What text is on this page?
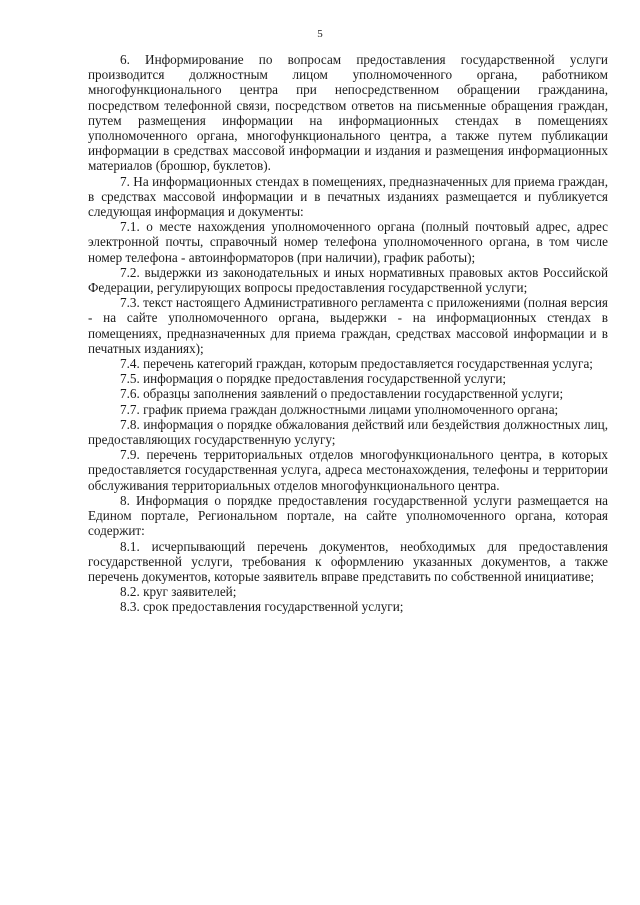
5

6. Информирование по вопросам предоставления государственной услуги производится должностным лицом уполномоченного органа, работником многофункционального центра при непосредственном обращении гражданина, посредством телефонной связи, посредством ответов на письменные обращения граждан, путем размещения информации на информационных стендах в помещениях уполномоченного органа, многофункционального центра, а также путем публикации информации в средствах массовой информации и издания и размещения информационных материалов (брошюр, буклетов).

7. На информационных стендах в помещениях, предназначенных для приема граждан, в средствах массовой информации и в печатных изданиях размещается и публикуется следующая информация и документы:

7.1. о месте нахождения уполномоченного органа (полный почтовый адрес, адрес электронной почты, справочный номер телефона уполномоченного органа, в том числе номер телефона - автоинформаторов (при наличии), график работы);

7.2. выдержки из законодательных и иных нормативных правовых актов Российской Федерации, регулирующих вопросы предоставления государственной услуги;

7.3. текст настоящего Административного регламента с приложениями (полная версия - на сайте уполномоченного органа, выдержки - на информационных стендах в помещениях, предназначенных для приема граждан, средствах массовой информации и в печатных изданиях);

7.4. перечень категорий граждан, которым предоставляется государственная услуга;

7.5. информация о порядке предоставления государственной услуги;

7.6. образцы заполнения заявлений о предоставлении государственной услуги;

7.7. график приема граждан должностными лицами уполномоченного органа;

7.8. информация о порядке обжалования действий или бездействия должностных лиц, предоставляющих государственную услугу;

7.9. перечень территориальных отделов многофункционального центра, в которых предоставляется государственная услуга, адреса местонахождения, телефоны и территории обслуживания территориальных отделов многофункционального центра.

8. Информация о порядке предоставления государственной услуги размещается на Едином портале, Региональном портале, на сайте уполномоченного органа, которая содержит:

8.1. исчерпывающий перечень документов, необходимых для предоставления государственной услуги, требования к оформлению указанных документов, а также перечень документов, которые заявитель вправе представить по собственной инициативе;

8.2. круг заявителей;

8.3. срок предоставления государственной услуги;
